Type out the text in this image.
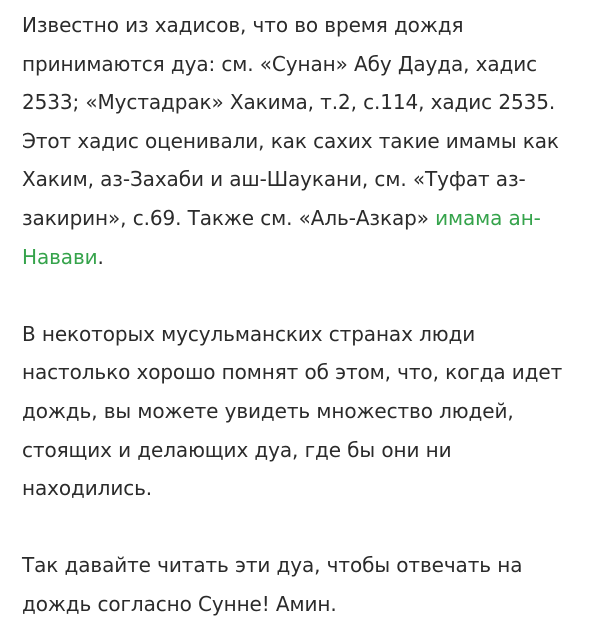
Известно из хадисов, что во время дождя принимаются дуа: см. «Сунан» Абу Дауда, хадис 2533; «Мустадрак» Хакима, т.2, с.114, хадис 2535. Этот хадис оценивали, как сахих такие имамы как Хаким, аз-Захаби и аш-Шаукани, см. «Туфат аз-закирин», с.69. Также см. «Аль-Азкар» имама ан-Навави.

В некоторых мусульманских странах люди настолько хорошо помнят об этом, что, когда идет дождь, вы можете увидеть множество людей, стоящих и делающих дуа, где бы они ни находились.

Так давайте читать эти дуа, чтобы отвечать на дождь согласно Сунне! Амин.
